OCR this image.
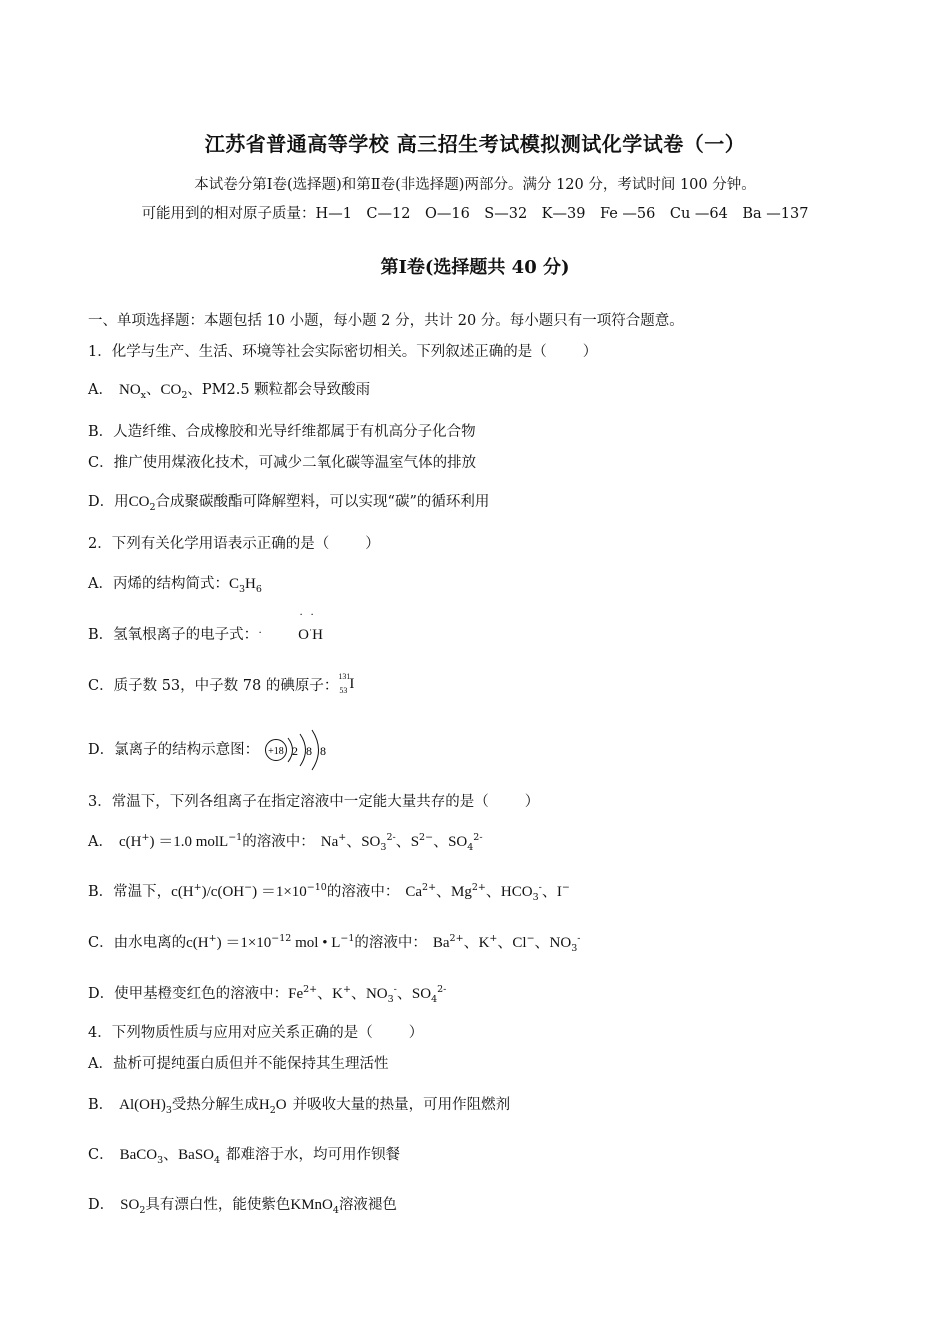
江苏省普通高等学校 高三招生考试模拟测试化学试卷（一）
本试卷分第Ⅰ卷(选择题)和第Ⅱ卷(非选择题)两部分。满分 120 分，考试时间 100 分钟。
可能用到的相对原子质量：H—1　C—12　O—16　S—32　K—39　Fe —56　Cu —64　Ba —137
第Ⅰ卷(选择题共 40 分)
一、单项选择题：本题包括 10 小题，每小题 2 分，共计 20 分。每小题只有一项符合题意。
1．化学与生产、生活、环境等社会实际密切相关。下列叙述正确的是（ ）
A． $NO_x$、$CO_2$、PM2.5 颗粒都会导致酸雨
B．人造纤维、合成橡胶和光导纤维都属于有机高分子化合物
C．推广使用煤液化技术，可减少二氧化碳等温室气体的排放
D．用$CO_2$合成聚碳酸酯可降解塑料，可以实现“碳”的循环利用
2．下列有关化学用语表示正确的是（ ）
A．丙烯的结构简式：$C_3H_6$
B．氢氧根离子的电子式： ·
· ·
O·H
C．质子数 53，中子数 78 的碘原子：
131
53 I
D．氯离子的结构示意图： +18 2 8 8
3．常温下，下列各组离子在指定溶液中一定能大量共存的是（ ）
A． c(H+) ＝1.0 molL$^{-1}$的溶液中： Na+、$SO_3^{2-}$、$S^{2-}$、$SO_4^{2-}$
B．常温下，$c(H^+)/c(OH^-) =1\times 10^{-10}$的溶液中： $Ca^{2+}$、$Mg^{2+}$、$HCO_3^-$、I−
C．由水电离的$c(H^+) =1\times 10^{-12}$ mol • $L^{-1}$的溶液中： $Ba^{2+}$、K+、Cl−、$NO_3^-$
D．使甲基橙变红色的溶液中：$Fe^{2+}$、K+、$NO_3^-$、$SO_4^{2-}$
4．下列物质性质与应用对应关系正确的是（ ）
A．盐析可提纯蛋白质但并不能保持其生理活性
B． $Al(OH)_3$受热分解生成$H_2O$ 并吸收大量的热量，可用作阻燃剂
C． BaCO$_3$、BaSO$_4$ 都难溶于水，均可用作钡餐
D． $SO_2$具有漂白性，能使紫色KMnO$_4$溶液褪色
